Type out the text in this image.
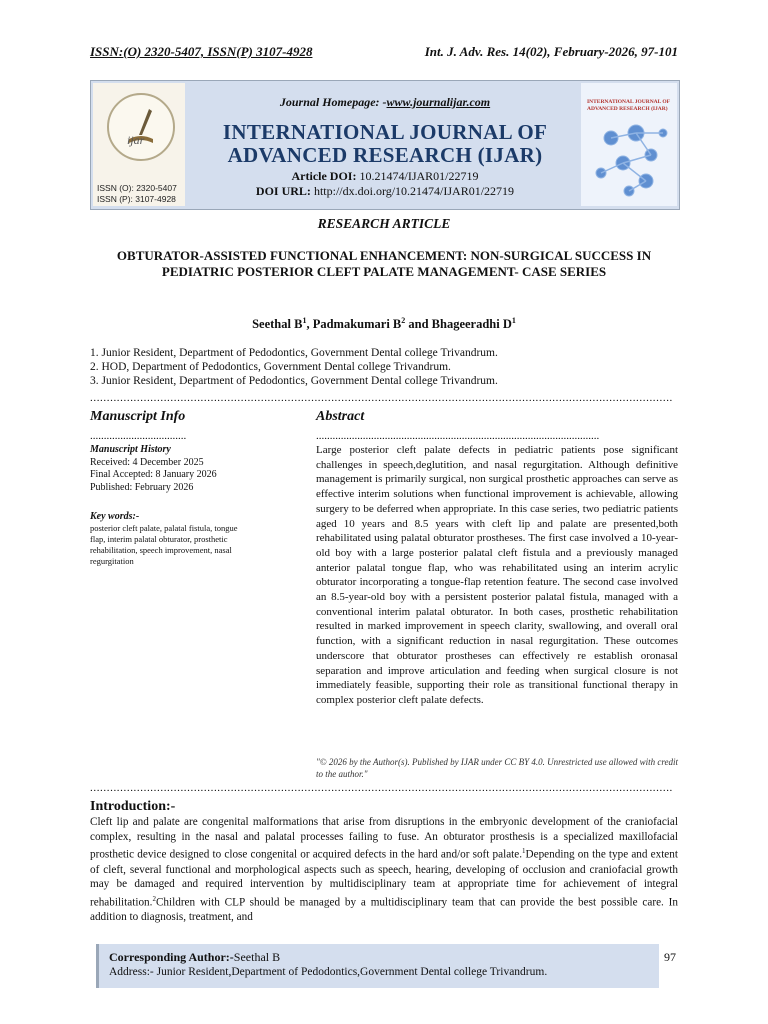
ISSN:(O) 2320-5407, ISSN(P) 3107-4928	Int. J. Adv. Res. 14(02), February-2026, 97-101
ijar
ISSN (O): 2320-5407
ISSN (P): 3107-4928
Journal Homepage: -www.journalijar.com
INTERNATIONAL JOURNAL OF
ADVANCED RESEARCH (IJAR)
Article DOI: 10.21474/IJAR01/22719
DOI URL: http://dx.doi.org/10.21474/IJAR01/22719
INTERNATIONAL JOURNAL OF ADVANCED RESEARCH (IJAR)
RESEARCH ARTICLE
OBTURATOR-ASSISTED FUNCTIONAL ENHANCEMENT: NON-SURGICAL SUCCESS IN PEDIATRIC POSTERIOR CLEFT PALATE MANAGEMENT- CASE SERIES
Seethal $B^1$, Padmakumari $B^2$ and Bhageeradhi $D^1$
1. Junior Resident, Department of Pedodontics, Government Dental college Trivandrum.
2. HOD, Department of Pedodontics, Government Dental college Trivandrum.
3. Junior Resident, Department of Pedodontics, Government Dental college Trivandrum.
..............................................................................................................................................................................
Manuscript Info	Abstract
...................................	.......................................................................................................
Manuscript History
Received: 4 December 2025
Final Accepted: 8 January 2026
Published: February 2026
Key words:-
posterior cleft palate, palatal fistula, tongue flap, interim palatal obturator, prosthetic rehabilitation, speech improvement, nasal regurgitation
Large posterior cleft palate defects in pediatric patients pose significant challenges in speech,deglutition, and nasal regurgitation. Although definitive management is primarily surgical, non surgical prosthetic approaches can serve as effective interim solutions when functional improvement is achievable, allowing surgery to be deferred when appropriate. In this case series, two pediatric patients aged 10 years and 8.5 years with cleft lip and palate are presented,both rehabilitated using palatal obturator prostheses. The first case involved a 10-year-old boy with a large posterior palatal cleft fistula and a previously managed anterior palatal tongue flap, who was rehabilitated using an interim acrylic obturator incorporating a tongue-flap retention feature. The second case involved an 8.5-year-old boy with a persistent posterior palatal fistula, managed with a conventional interim palatal obturator. In both cases, prosthetic rehabilitation resulted in marked improvement in speech clarity, swallowing, and overall oral function, with a significant reduction in nasal regurgitation. These outcomes underscore that obturator prostheses can effectively re establish oronasal separation and improve articulation and feeding when surgical closure is not immediately feasible, supporting their role as transitional functional therapy in complex posterior cleft palate defects.
"© 2026 by the Author(s). Published by IJAR under CC BY 4.0. Unrestricted use allowed with credit to the author."
..............................................................................................................................................................................
Introduction:-
Cleft lip and palate are congenital malformations that arise from disruptions in the embryonic development of the craniofacial complex, resulting in the nasal and palatal processes failing to fuse. An obturator prosthesis is a specialized maxillofacial prosthetic device designed to close congenital or acquired defects in the hard and/or soft palate.$^1$Depending on the type and extent of cleft, several functional and morphological aspects such as speech, hearing, developing of occlusion and craniofacial growth may be damaged and required intervention by multidisciplinary team at appropriate time for achievement of integral rehabilitation.$^2$Children with CLP should be managed by a multidisciplinary team that can provide the best possible care. In addition to diagnosis, treatment, and
Corresponding Author:-Seethal B
Address:- Junior Resident,Department of Pedodontics,Government Dental college Trivandrum.
97
